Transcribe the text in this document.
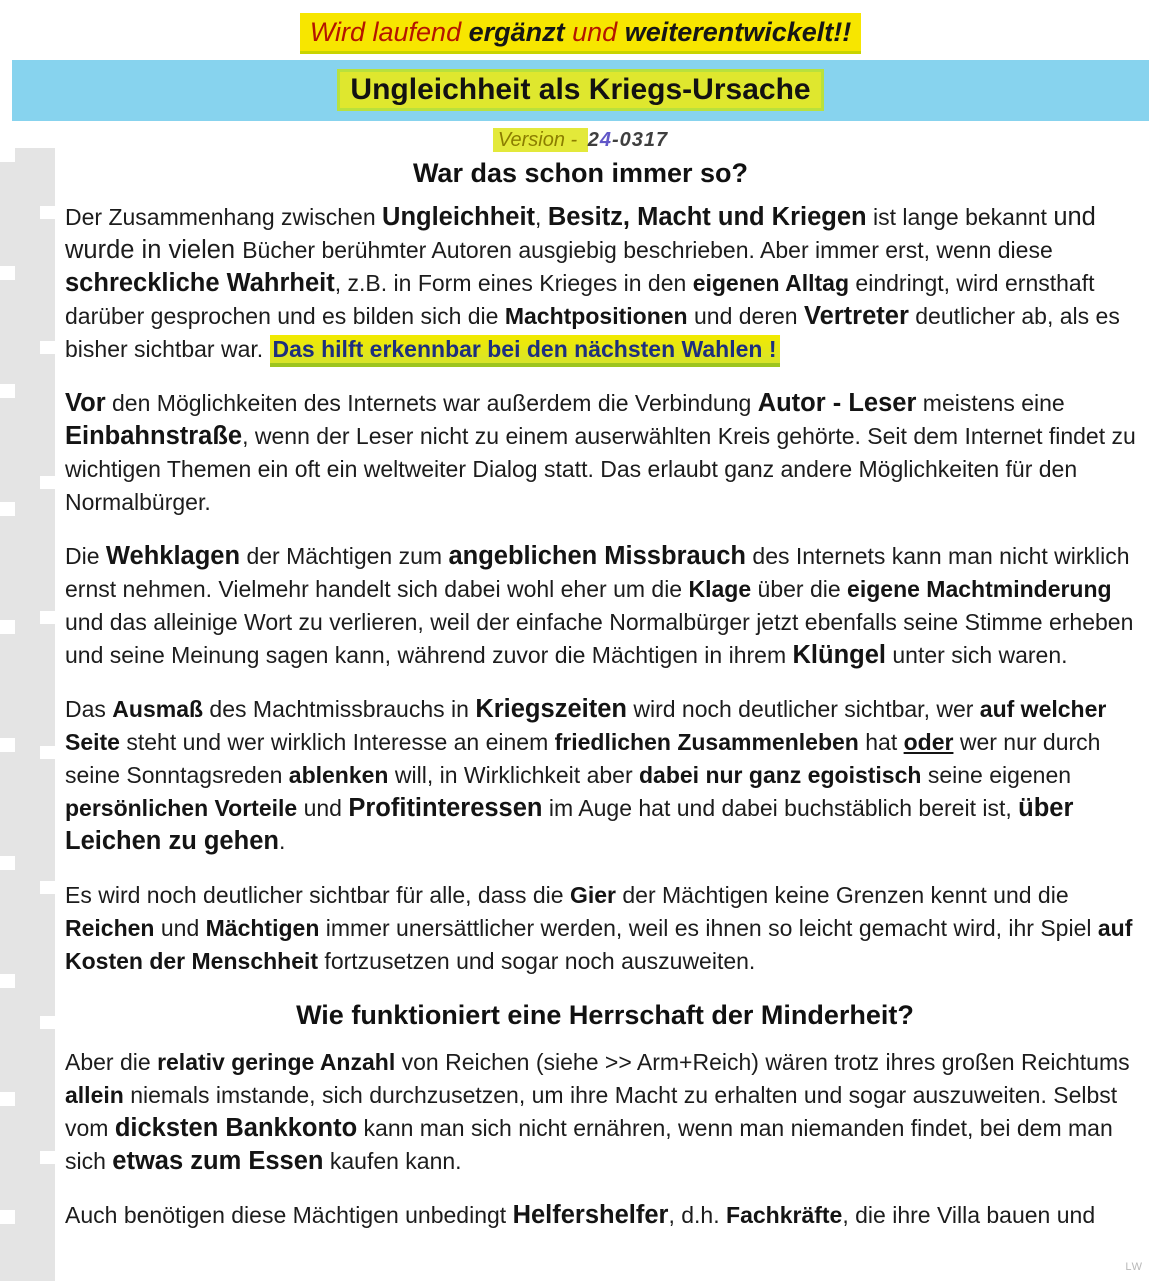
Wird laufend ergänzt und weiterentwickelt!!
Ungleichheit als Kriegs-Ursache
Version - 24-0317
War das schon immer so?

Der Zusammenhang zwischen Ungleichheit, Besitz, Macht und Kriegen ist lange bekannt und wurde in vielen Bücher berühmter Autoren ausgiebig beschrieben. Aber immer erst, wenn diese schreckliche Wahrheit, z.B. in Form eines Krieges in den eigenen Alltag eindringt, wird ernsthaft darüber gesprochen und es bilden sich die Machtpositionen und deren Vertreter deutlicher ab, als es bisher sichtbar war. Das hilft erkennbar bei den nächsten Wahlen !

Vor den Möglichkeiten des Internets war außerdem die Verbindung Autor - Leser meistens eine Einbahnstraße, wenn der Leser nicht zu einem auserwählten Kreis gehörte. Seit dem Internet findet zu wichtigen Themen ein oft ein weltweiter Dialog statt. Das erlaubt ganz andere Möglichkeiten für den Normalbürger.

Die Wehklagen der Mächtigen zum angeblichen Missbrauch des Internets kann man nicht wirklich ernst nehmen. Vielmehr handelt sich dabei wohl eher um die Klage über die eigene Machtminderung und das alleinige Wort zu verlieren, weil der einfache Normalbürger jetzt ebenfalls seine Stimme erheben und seine Meinung sagen kann, während zuvor die Mächtigen in ihrem Klüngel unter sich waren.

Das Ausmaß des Machtmissbrauchs in Kriegszeiten wird noch deutlicher sichtbar, wer auf welcher Seite steht und wer wirklich Interesse an einem friedlichen Zusammenleben hat oder wer nur durch seine Sonntagsreden ablenken will, in Wirklichkeit aber dabei nur ganz egoistisch seine eigenen persönlichen Vorteile und Profitinteressen im Auge hat und dabei buchstäblich bereit ist, über Leichen zu gehen.

Es wird noch deutlicher sichtbar für alle, dass die Gier der Mächtigen keine Grenzen kennt und die Reichen und Mächtigen immer unersättlicher werden, weil es ihnen so leicht gemacht wird, ihr Spiel auf Kosten der Menschheit fortzusetzen und sogar noch auszuweiten.

Wie funktioniert eine Herrschaft der Minderheit?

Aber die relativ geringe Anzahl von Reichen (siehe >> Arm+Reich) wären trotz ihres großen Reichtums allein niemals imstande, sich durchzusetzen, um ihre Macht zu erhalten und sogar auszuweiten. Selbst vom dicksten Bankkonto kann man sich nicht ernähren, wenn man niemanden findet, bei dem man sich etwas zum Essen kaufen kann.

Auch benötigen diese Mächtigen unbedingt Helfershelfer, d.h. Fachkräfte, die ihre Villa bauen und

LW
